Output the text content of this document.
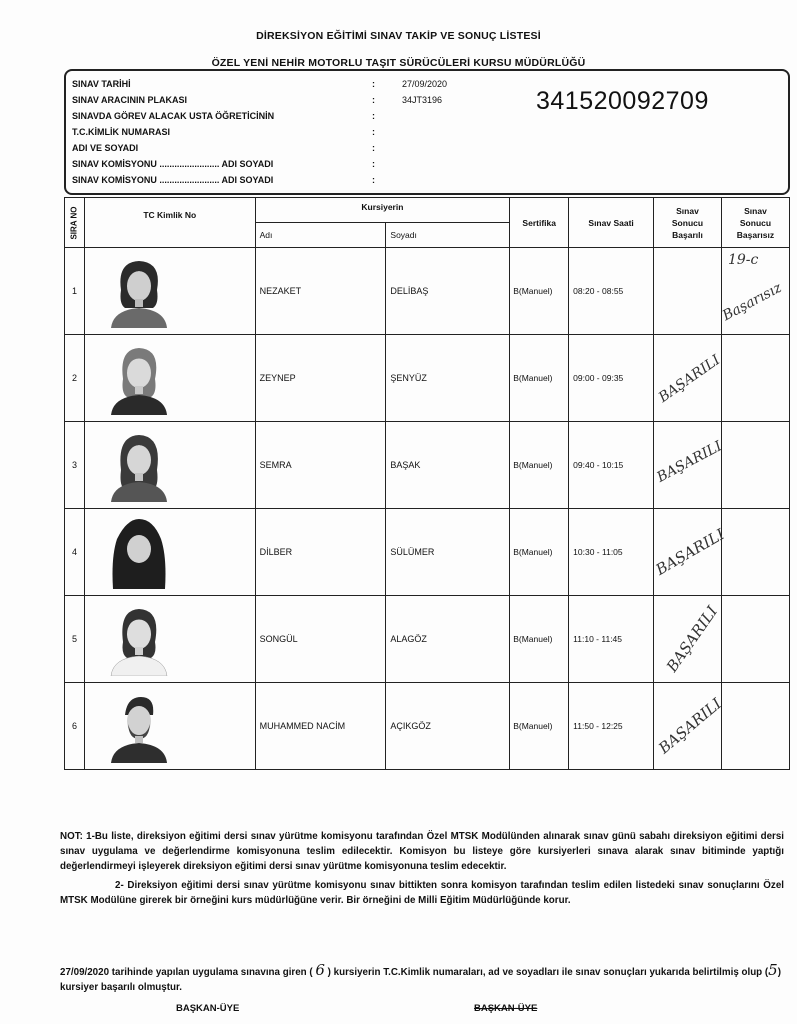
DİREKSİYON EĞİTİMİ SINAV TAKİP VE SONUÇ LİSTESİ
ÖZEL YENİ NEHİR MOTORLU TAŞIT SÜRÜCÜLERİ KURSU MÜDÜRLÜĞÜ
SINAV TARİHİ	:	27/09/2020
SINAV ARACININ PLAKASI	:	34JT3196
SINAVDA GÖREV ALACAK USTA ÖĞRETİCİNİN	:
T.C.KİMLİK NUMARASI	:
ADI VE SOYADI	:
SINAV KOMİSYONU ........................ ADI SOYADI	:
SINAV KOMİSYONU ........................ ADI SOYADI	:
341520092709
SIRA NO	TC Kimlik No	Kursiyerin		Sertifika	Sınav Saati	Sınav Sonucu Başarılı	Sınav Sonucu Başarısız
		Adı	Soyadı				
1		NEZAKET	DELİBAŞ	B(Manuel)	08:20 - 08:55		19-c
Başarısız

2		ZEYNEP	ŞENYÜZ	B(Manuel)	09:00 - 09:35	BAŞARILI	

3		SEMRA	BAŞAK	B(Manuel)	09:40 - 10:15	BAŞARILI	

4		DİLBER	SÜLÜMER	B(Manuel)	10:30 - 11:05	BAŞARILI	

5		SONGÜL	ALAGÖZ	B(Manuel)	11:10 - 11:45	BAŞARILI	

6		MUHAMMED NACİM	AÇIKGÖZ	B(Manuel)	11:50 - 12:25	BAŞARILI	

NOT: 1-Bu liste, direksiyon eğitimi dersi sınav yürütme komisyonu tarafından Özel MTSK Modülünden alınarak sınav günü sabahı direksiyon eğitimi dersi sınav uygulama ve değerlendirme komisyonuna teslim edilecektir. Komisyon bu listeye göre kursiyerleri sınava alarak sınav bitiminde yaptığı değerlendirmeyi işleyerek direksiyon eğitimi dersi sınav yürütme komisyonuna teslim edecektir.

2- Direksiyon eğitimi dersi sınav yürütme komisyonu sınav bittikten sonra komisyon tarafından teslim edilen listedeki sınav sonuçlarını Özel MTSK Modülüne girerek bir örneğini kurs müdürlüğüne verir. Bir örneğini de Milli Eğitim Müdürlüğünde korur.

27/09/2020 tarihinde yapılan uygulama sınavına giren ( 6 ) kursiyerin T.C.Kimlik numaraları, ad ve soyadları ile sınav sonuçları yukarıda belirtilmiş olup (5) kursiyer başarılı olmuştur.
BAŞKAN-ÜYE	BAŞKAN-ÜYE
